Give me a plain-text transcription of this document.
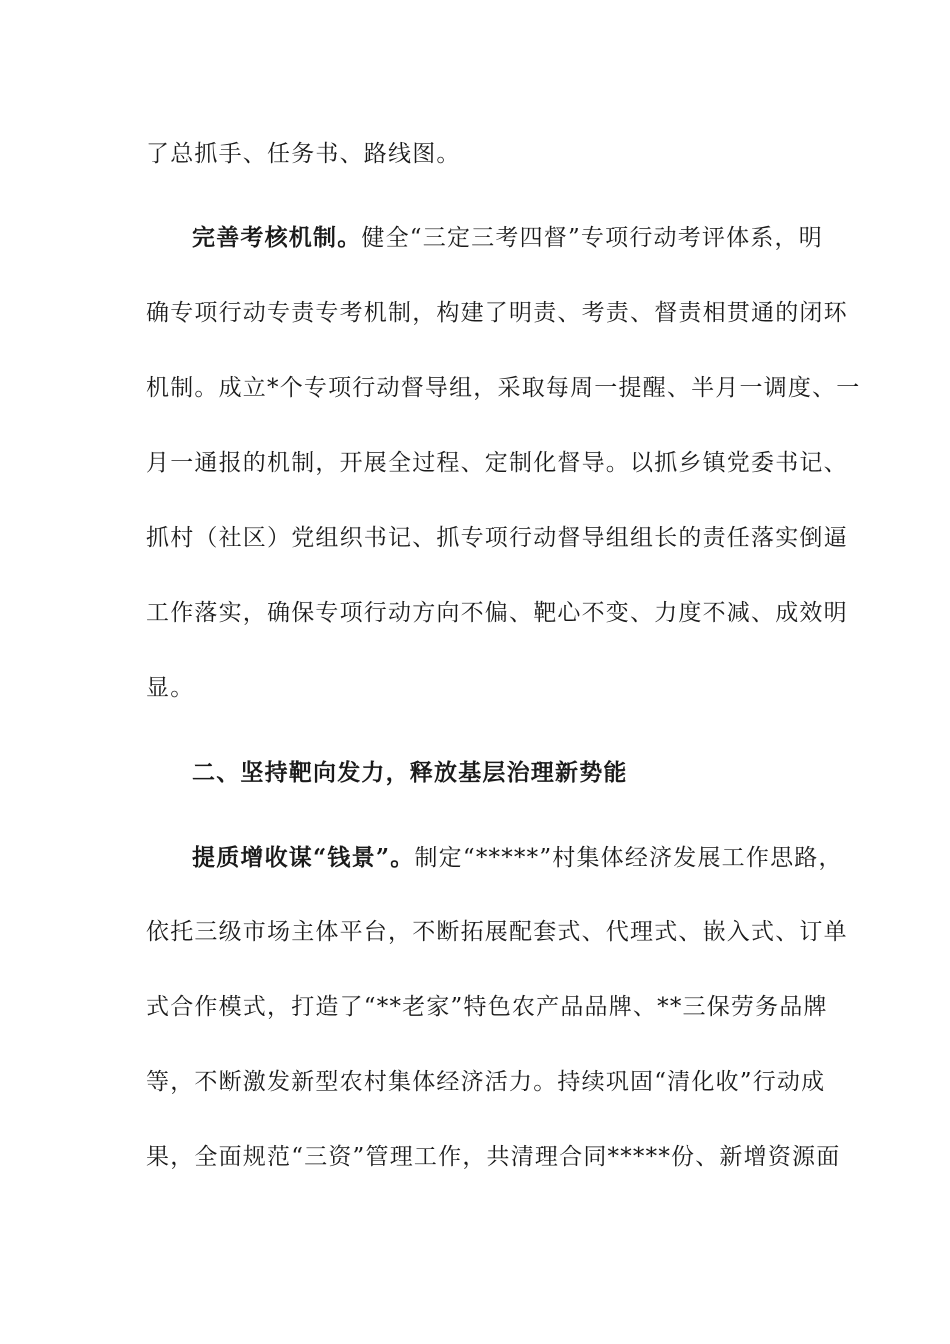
了总抓手、任务书、路线图。
完善考核机制。健全“三定三考四督”专项行动考评体系，明
确专项行动专责专考机制，构建了明责、考责、督责相贯通的闭环
机制。成立*个专项行动督导组，采取每周一提醒、半月一调度、一
月一通报的机制，开展全过程、定制化督导。以抓乡镇党委书记、
抓村（社区）党组织书记、抓专项行动督导组组长的责任落实倒逼
工作落实，确保专项行动方向不偏、靶心不变、力度不减、成效明
显。
二、坚持靶向发力，释放基层治理新势能
提质增收谋“钱景”。制定“*****”村集体经济发展工作思路，
依托三级市场主体平台，不断拓展配套式、代理式、嵌入式、订单
式合作模式，打造了“**老家”特色农产品品牌、**三保劳务品牌
等，不断激发新型农村集体经济活力。持续巩固“清化收”行动成
果，全面规范“三资”管理工作，共清理合同*****份、新增资源面
